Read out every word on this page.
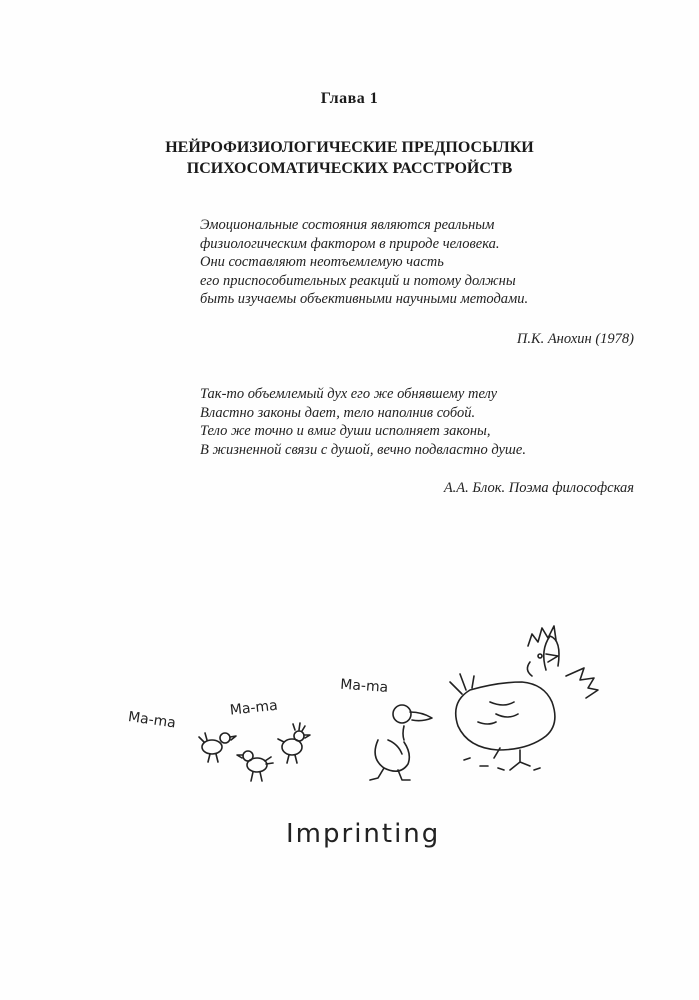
Глава 1
НЕЙРОФИЗИОЛОГИЧЕСКИЕ ПРЕДПОСЫЛКИ
ПСИХОСОМАТИЧЕСКИХ РАССТРОЙСТВ
Эмоциональные состояния являются реальным
физиологическим фактором в природе человека.
Они составляют неотъемлемую часть
его приспособительных реакций и потому должны
быть изучаемы объективными научными методами.
П.К. Анохин (1978)
Так-то объемлемый дух его же обнявшему телу
Властно законы дает, тело наполнив собой.
Тело же точно и вмиг души исполняет законы,
В жизненной связи с душой, вечно подвластно душе.
А.А. Блок. Поэма философская
Ma-ma
Ma-ma
Ma-ma
Imprinting
